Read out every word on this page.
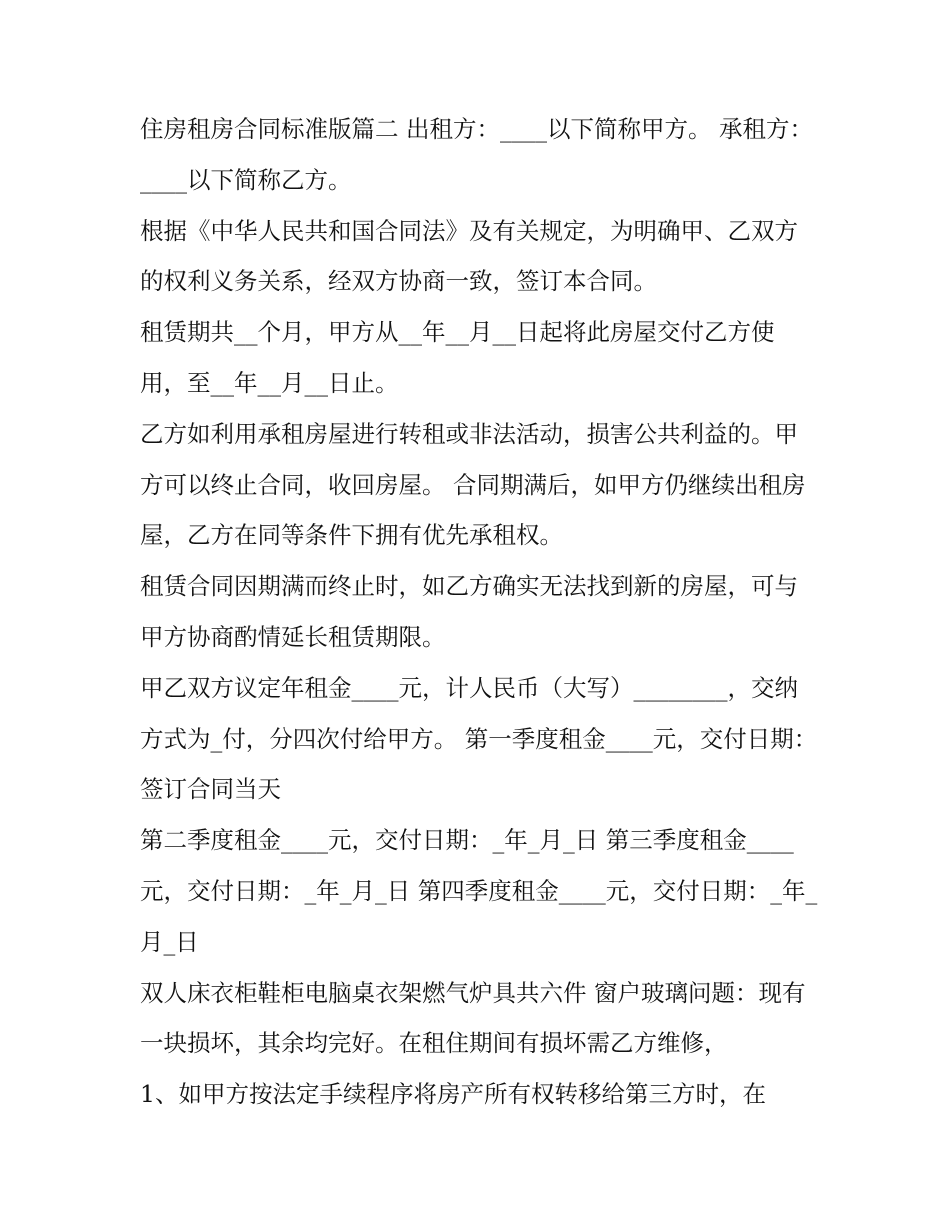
住房租房合同标准版篇二 出租方：____以下简称甲方。 承租方：____以下简称乙方。

根据《中华人民共和国合同法》及有关规定，为明确甲、乙双方的权利义务关系，经双方协商一致，签订本合同。

租赁期共__个月，甲方从__年__月__日起将此房屋交付乙方使用，至__年__月__日止。

乙方如利用承租房屋进行转租或非法活动，损害公共利益的。甲方可以终止合同，收回房屋。 合同期满后，如甲方仍继续出租房屋，乙方在同等条件下拥有优先承租权。

租赁合同因期满而终止时，如乙方确实无法找到新的房屋，可与甲方协商酌情延长租赁期限。

甲乙双方议定年租金____元，计人民币（大写）________，交纳方式为_付，分四次付给甲方。 第一季度租金____元，交付日期：签订合同当天

第二季度租金____元，交付日期：_年_月_日 第三季度租金____元，交付日期：_年_月_日 第四季度租金____元，交付日期：_年_月_日

双人床衣柜鞋柜电脑桌衣架燃气炉具共六件 窗户玻璃问题：现有一块损坏，其余均完好。在租住期间有损坏需乙方维修，

1、如甲方按法定手续程序将房产所有权转移给第三方时，在
